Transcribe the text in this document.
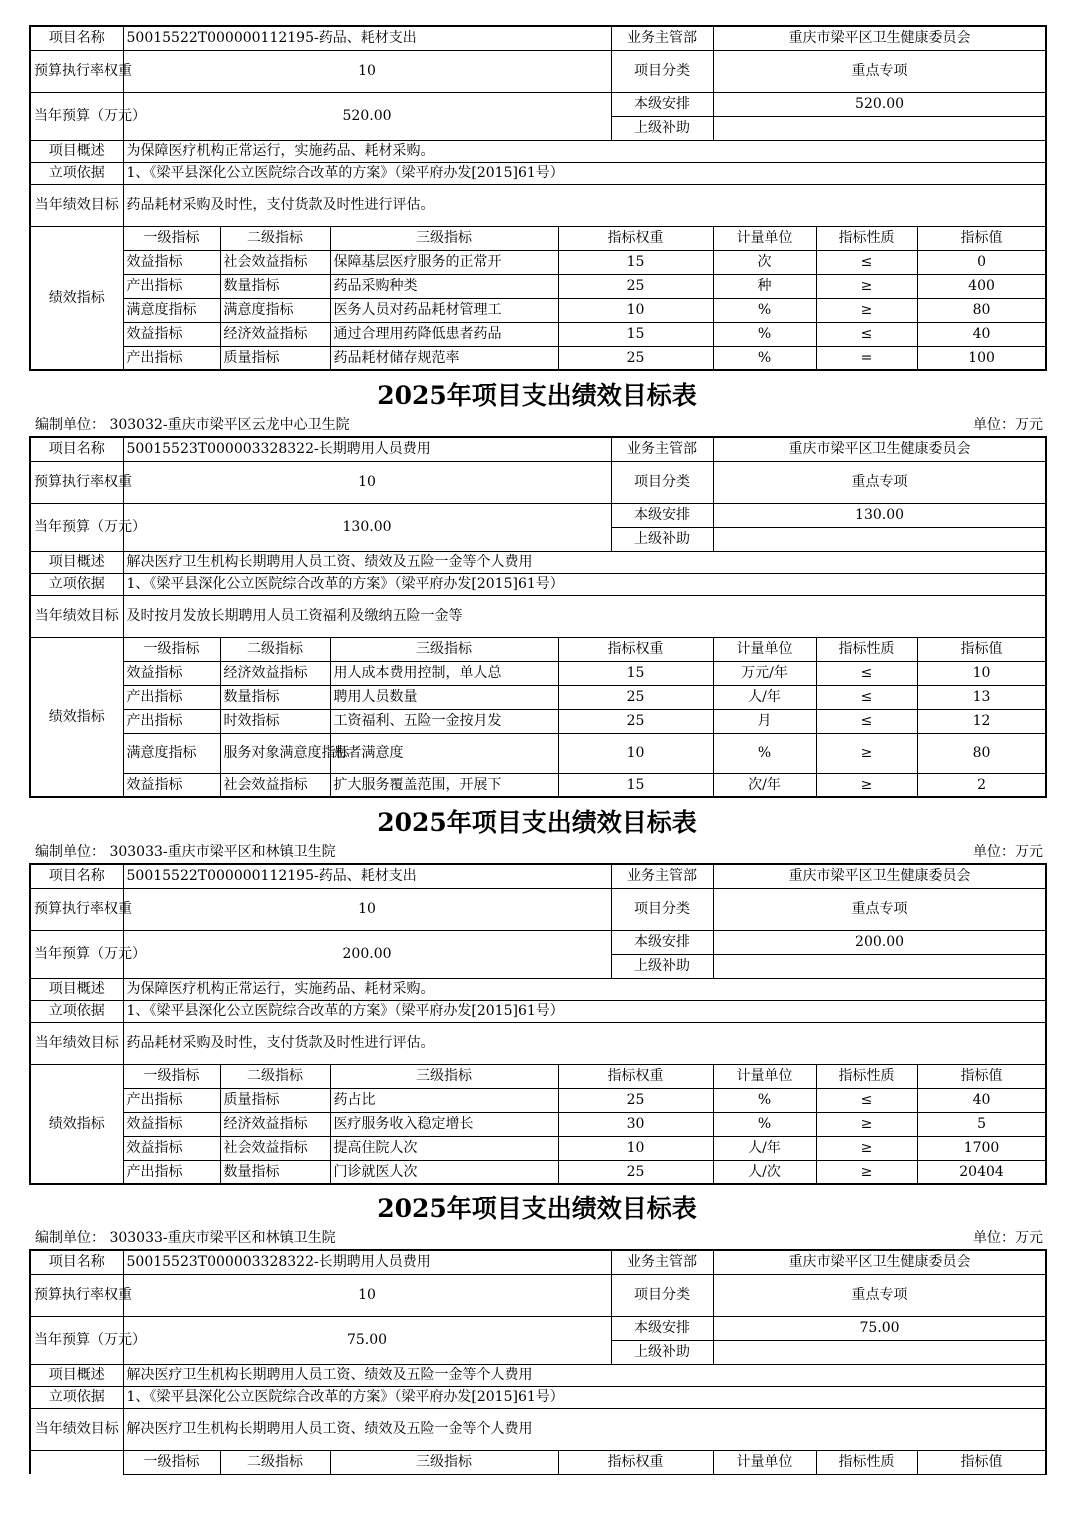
项目名称	50015522T000000112195-药品、耗材支出				业务主管部	重庆市梁平区卫生健康委员会			
预算执行率权重	10				项目分类	重点专项			
当年预算（万元）	520.00				本级安排	520.00			
					上级补助				
项目概述	为保障医疗机构正常运行，实施药品、耗材采购。								
立项依据	1、《梁平县深化公立医院综合改革的方案》（梁平府办发[2015]61号）								
当年绩效目标	药品耗材采购及时性，支付货款及时性进行评估。								
绩效指标	一级指标	二级指标	三级指标	指标权重		计量单位	指标性质	指标值	
	效益指标	社会效益指标	保障基层医疗服务的正常开	15		次	≤	0	
	产出指标	数量指标	药品采购种类	25		种	≥	400	
	满意度指标	满意度指标	医务人员对药品耗材管理工	10		%	≥	80	
	效益指标	经济效益指标	通过合理用药降低患者药品	15		%	≤	40	
	产出指标	质量指标	药品耗材储存规范率	25		%	=	100	
2025年项目支出绩效目标表
编制单位： 303032-重庆市梁平区云龙中心卫生院	单位：万元
项目名称	50015523T000003328322-长期聘用人员费用				业务主管部	重庆市梁平区卫生健康委员会			
预算执行率权重	10				项目分类	重点专项			
当年预算（万元）	130.00				本级安排	130.00			
					上级补助				
项目概述	解决医疗卫生机构长期聘用人员工资、绩效及五险一金等个人费用								
立项依据	1、《梁平县深化公立医院综合改革的方案》（梁平府办发[2015]61号）								
当年绩效目标	及时按月发放长期聘用人员工资福利及缴纳五险一金等								
绩效指标	一级指标	二级指标	三级指标	指标权重		计量单位	指标性质	指标值	
	效益指标	经济效益指标	用人成本费用控制，单人总	15		万元/年	≤	10	
	产出指标	数量指标	聘用人员数量	25		人/年	≤	13	
	产出指标	时效指标	工资福利、五险一金按月发	25		月	≤	12	
	满意度指标	服务对象满意度指标	患者满意度	10		%	≥	80	
	效益指标	社会效益指标	扩大服务覆盖范围，开展下	15		次/年	≥	2	
2025年项目支出绩效目标表
编制单位： 303033-重庆市梁平区和林镇卫生院	单位：万元
项目名称	50015522T000000112195-药品、耗材支出				业务主管部	重庆市梁平区卫生健康委员会			
预算执行率权重	10				项目分类	重点专项			
当年预算（万元）	200.00				本级安排	200.00			
					上级补助				
项目概述	为保障医疗机构正常运行，实施药品、耗材采购。								
立项依据	1、《梁平县深化公立医院综合改革的方案》（梁平府办发[2015]61号）								
当年绩效目标	药品耗材采购及时性，支付货款及时性进行评估。								
绩效指标	一级指标	二级指标	三级指标	指标权重		计量单位	指标性质	指标值	
	产出指标	质量指标	药占比	25		%	≤	40	
	效益指标	经济效益指标	医疗服务收入稳定增长	30		%	≥	5	
	效益指标	社会效益指标	提高住院人次	10		人/年	≥	1700	
	产出指标	数量指标	门诊就医人次	25		人/次	≥	20404	
2025年项目支出绩效目标表
编制单位： 303033-重庆市梁平区和林镇卫生院	单位：万元
项目名称	50015523T000003328322-长期聘用人员费用				业务主管部	重庆市梁平区卫生健康委员会			
预算执行率权重	10				项目分类	重点专项			
当年预算（万元）	75.00				本级安排	75.00			
					上级补助				
项目概述	解决医疗卫生机构长期聘用人员工资、绩效及五险一金等个人费用								
立项依据	1、《梁平县深化公立医院综合改革的方案》（梁平府办发[2015]61号）								
当年绩效目标	解决医疗卫生机构长期聘用人员工资、绩效及五险一金等个人费用								
	一级指标	二级指标	三级指标	指标权重		计量单位	指标性质	指标值	
